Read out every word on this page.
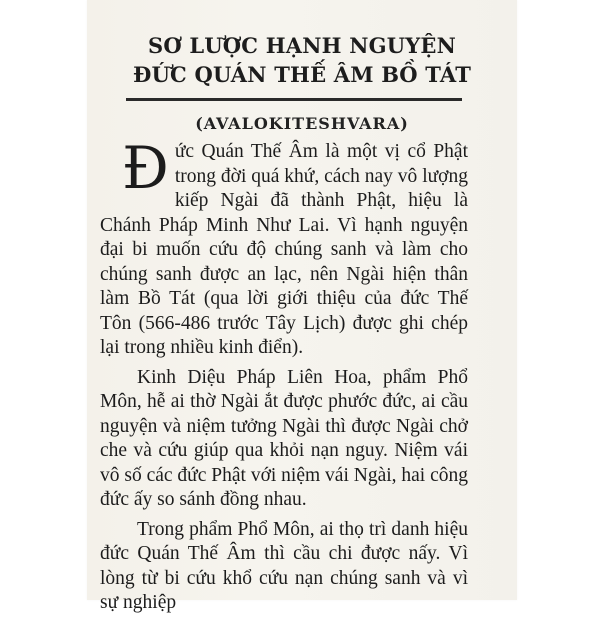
SƠ LƯỢC HẠNH NGUYỆN
ĐỨC QUÁN THẾ ÂM BỒ TÁT
(AVALOKITESHVARA)

Đức Quán Thế Âm là một vị cổ Phật trong đời quá khứ, cách nay vô lượng kiếp Ngài đã thành Phật, hiệu là Chánh Pháp Minh Như Lai. Vì hạnh nguyện đại bi muốn cứu độ chúng sanh và làm cho chúng sanh được an lạc, nên Ngài hiện thân làm Bồ Tát (qua lời giới thiệu của đức Thế Tôn (566-486 trước Tây Lịch) được ghi chép lại trong nhiều kinh điển).

Kinh Diệu Pháp Liên Hoa, phẩm Phổ Môn, hễ ai thờ Ngài ắt được phước đức, ai cầu nguyện và niệm tưởng Ngài thì được Ngài chở che và cứu giúp qua khỏi nạn nguy. Niệm vái vô số các đức Phật với niệm vái Ngài, hai công đức ấy so sánh đồng nhau.

Trong phẩm Phổ Môn, ai thọ trì danh hiệu đức Quán Thế Âm thì cầu chi được nấy. Vì lòng từ bi cứu khổ cứu nạn chúng sanh và vì sự nghiệp
